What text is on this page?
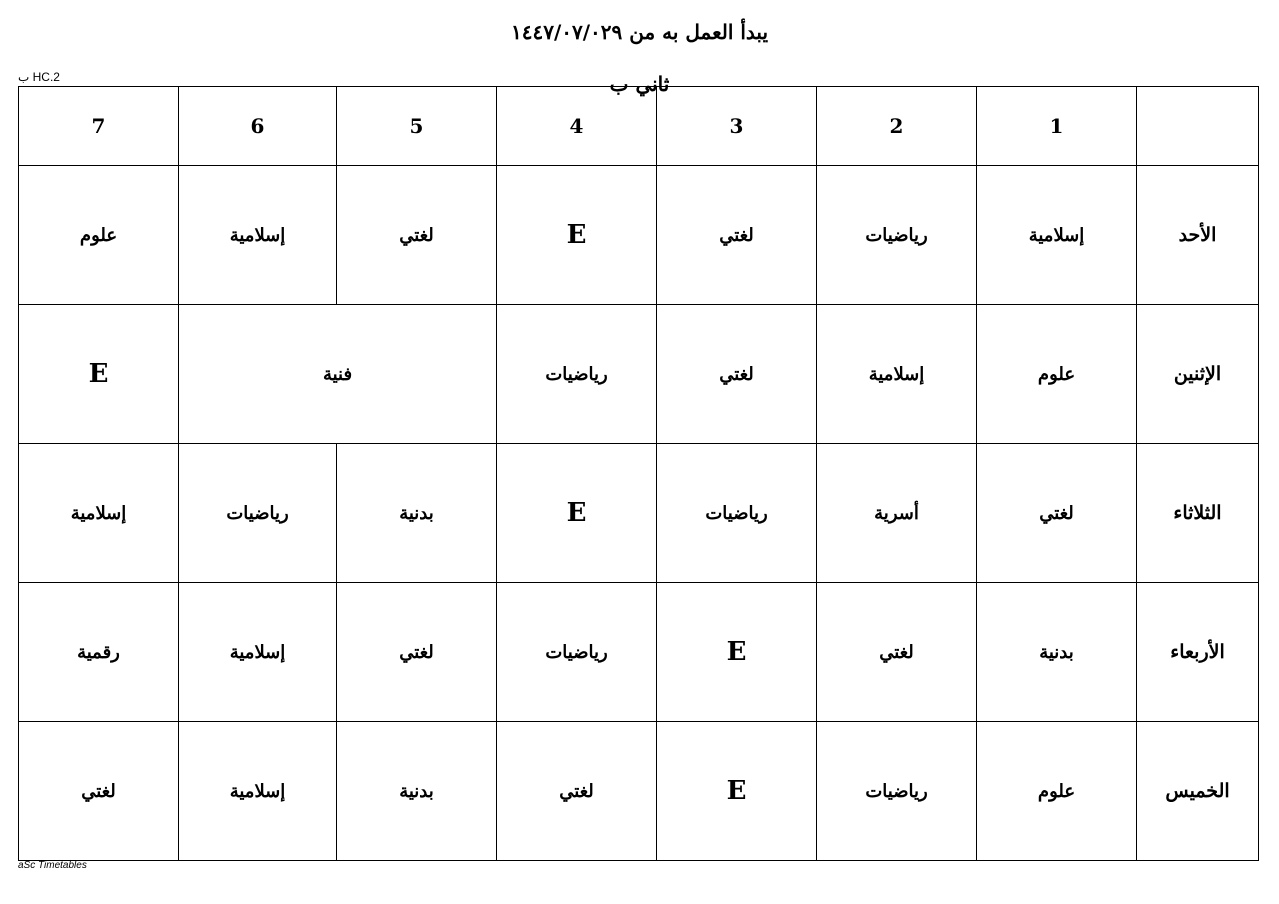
يبدأ العمل به من ١٤٤٧/٠٧/٠٢٩
HC.2 ب	ثاني ب
	1	2	3	4	5	6	7
الأحد	إسلامية	رياضيات	لغتي	E	لغتي	إسلامية	علوم
الإثنين	علوم	إسلامية	لغتي	رياضيات	فنية		E
الثلاثاء	لغتي	أسرية	رياضيات	E	بدنية	رياضيات	إسلامية
الأربعاء	بدنية	لغتي	E	رياضيات	لغتي	إسلامية	رقمية
الخميس	علوم	رياضيات	E	لغتي	بدنية	إسلامية	لغتي
aSc Timetables
